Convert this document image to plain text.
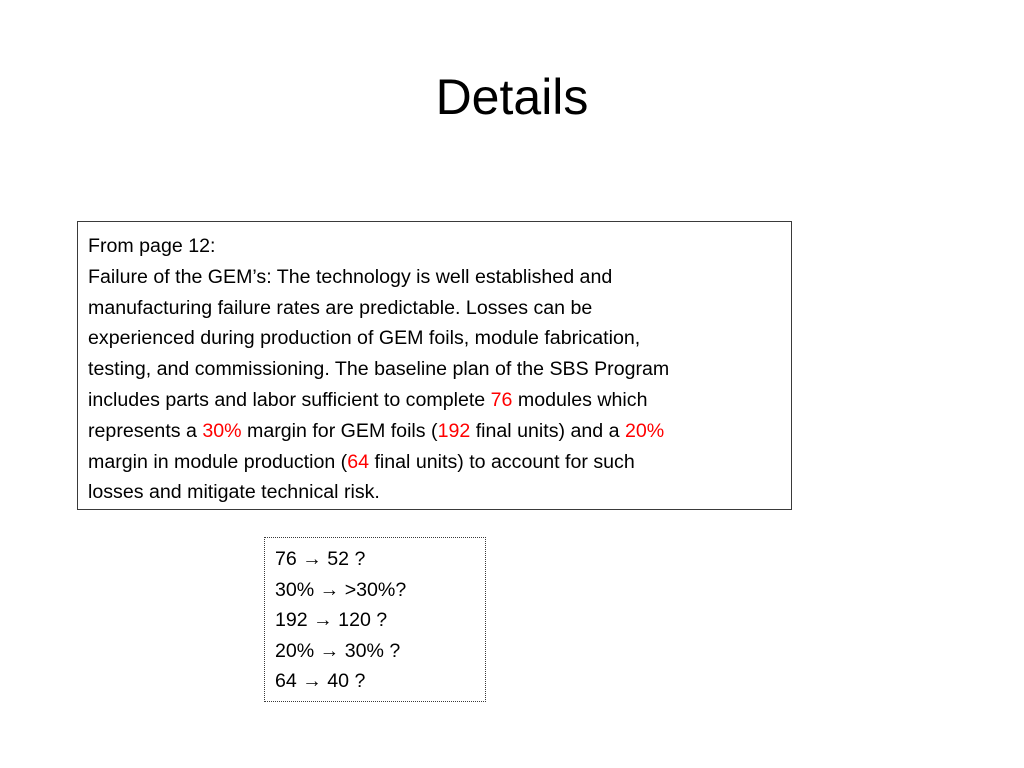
Details
From page 12:
Failure of the GEM’s: The technology is well established and
manufacturing failure rates are predictable. Losses can be
experienced during production of GEM foils, module fabrication,
testing, and commissioning. The baseline plan of the SBS Program
includes parts and labor sufficient to complete 76 modules which
represents a 30% margin for GEM foils (192 final units) and a 20%
margin in module production (64 final units) to account for such
losses and mitigate technical risk.
76 → 52 ?
30% → >30%?
192 → 120 ?
20% → 30% ?
64 → 40 ?
